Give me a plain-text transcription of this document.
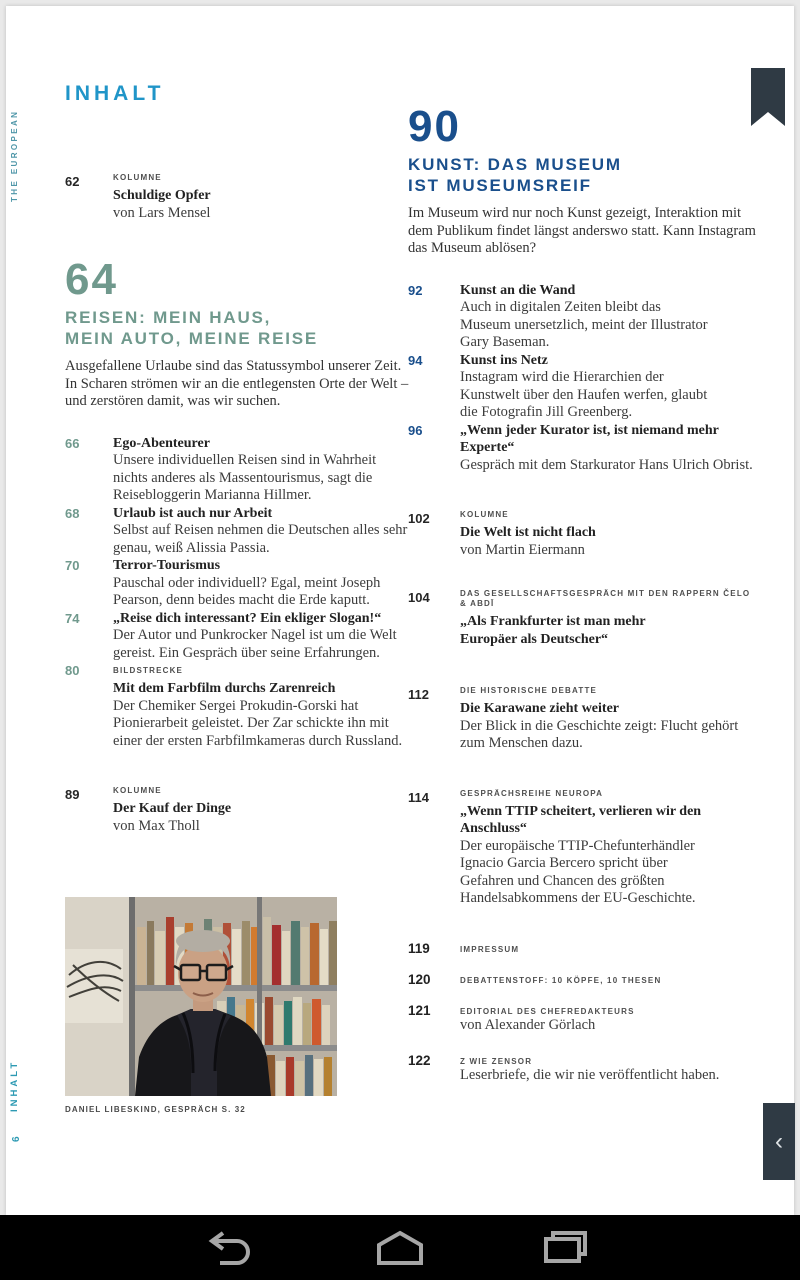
THE EUROPEAN
INHALT
6
INHALT
62	KOLUMNE
Schuldige Opfer
von Lars Mensel
64
REISEN: MEIN HAUS,
MEIN AUTO, MEINE REISE
Ausgefallene Urlaube sind das Statussymbol unserer Zeit. In Scharen strömen wir an die entlegensten Orte der Welt – und zerstören damit, was wir suchen.
66	Ego-Abenteurer
Unsere individuellen Reisen sind in Wahrheit nichts anderes als Massentourismus, sagt die Reisebloggerin Marianna Hillmer.
68	Urlaub ist auch nur Arbeit
Selbst auf Reisen nehmen die Deutschen alles sehr genau, weiß Alissia Passia.
70	Terror-Tourismus
Pauschal oder individuell? Egal, meint Joseph Pearson, denn beides macht die Erde kaputt.
74	„Reise dich interessant? Ein ekliger Slogan!“
Der Autor und Punkrocker Nagel ist um die Welt gereist. Ein Gespräch über seine Erfahrungen.
80	BILDSTRECKE
Mit dem Farbfilm durchs Zarenreich
Der Chemiker Sergei Prokudin-Gorski hat Pionierarbeit geleistet. Der Zar schickte ihn mit einer der ersten Farbfilmkameras durch Russland.
89	KOLUMNE
Der Kauf der Dinge
von Max Tholl
DANIEL LIBESKIND, GESPRÄCH S. 32
90
KUNST: DAS MUSEUM
IST MUSEUMSREIF
Im Museum wird nur noch Kunst gezeigt, Interaktion mit dem Publikum findet längst anderswo statt. Kann Instagram das Museum ablösen?
92	Kunst an die Wand
Auch in digitalen Zeiten bleibt das Museum unersetzlich, meint der Illustrator Gary Baseman.
94	Kunst ins Netz
Instagram wird die Hierarchien der Kunstwelt über den Haufen werfen, glaubt die Fotografin Jill Greenberg.
96	„Wenn jeder Kurator ist, ist niemand mehr Experte“
Gespräch mit dem Starkurator Hans Ulrich Obrist.
102	KOLUMNE
Die Welt ist nicht flach
von Martin Eiermann
104	DAS GESELLSCHAFTSGESPRÄCH MIT DEN RAPPERN ČELO & ABDĪ
„Als Frankfurter ist man mehr Europäer als Deutscher“
112	DIE HISTORISCHE DEBATTE
Die Karawane zieht weiter
Der Blick in die Geschichte zeigt: Flucht gehört zum Menschen dazu.
114	GESPRÄCHSREIHE NEUROPA
„Wenn TTIP scheitert, verlieren wir den Anschluss“
Der europäische TTIP-Chefunterhändler Ignacio Garcia Bercero spricht über Gefahren und Chancen des größten Handelsabkommens der EU-Geschichte.
119	IMPRESSUM
120	DEBATTENSTOFF: 10 KÖPFE, 10 THESEN
121	EDITORIAL DES CHEFREDAKTEURS
von Alexander Görlach
122	Z WIE ZENSOR
Leserbriefe, die wir nie veröffentlicht haben.
‹
